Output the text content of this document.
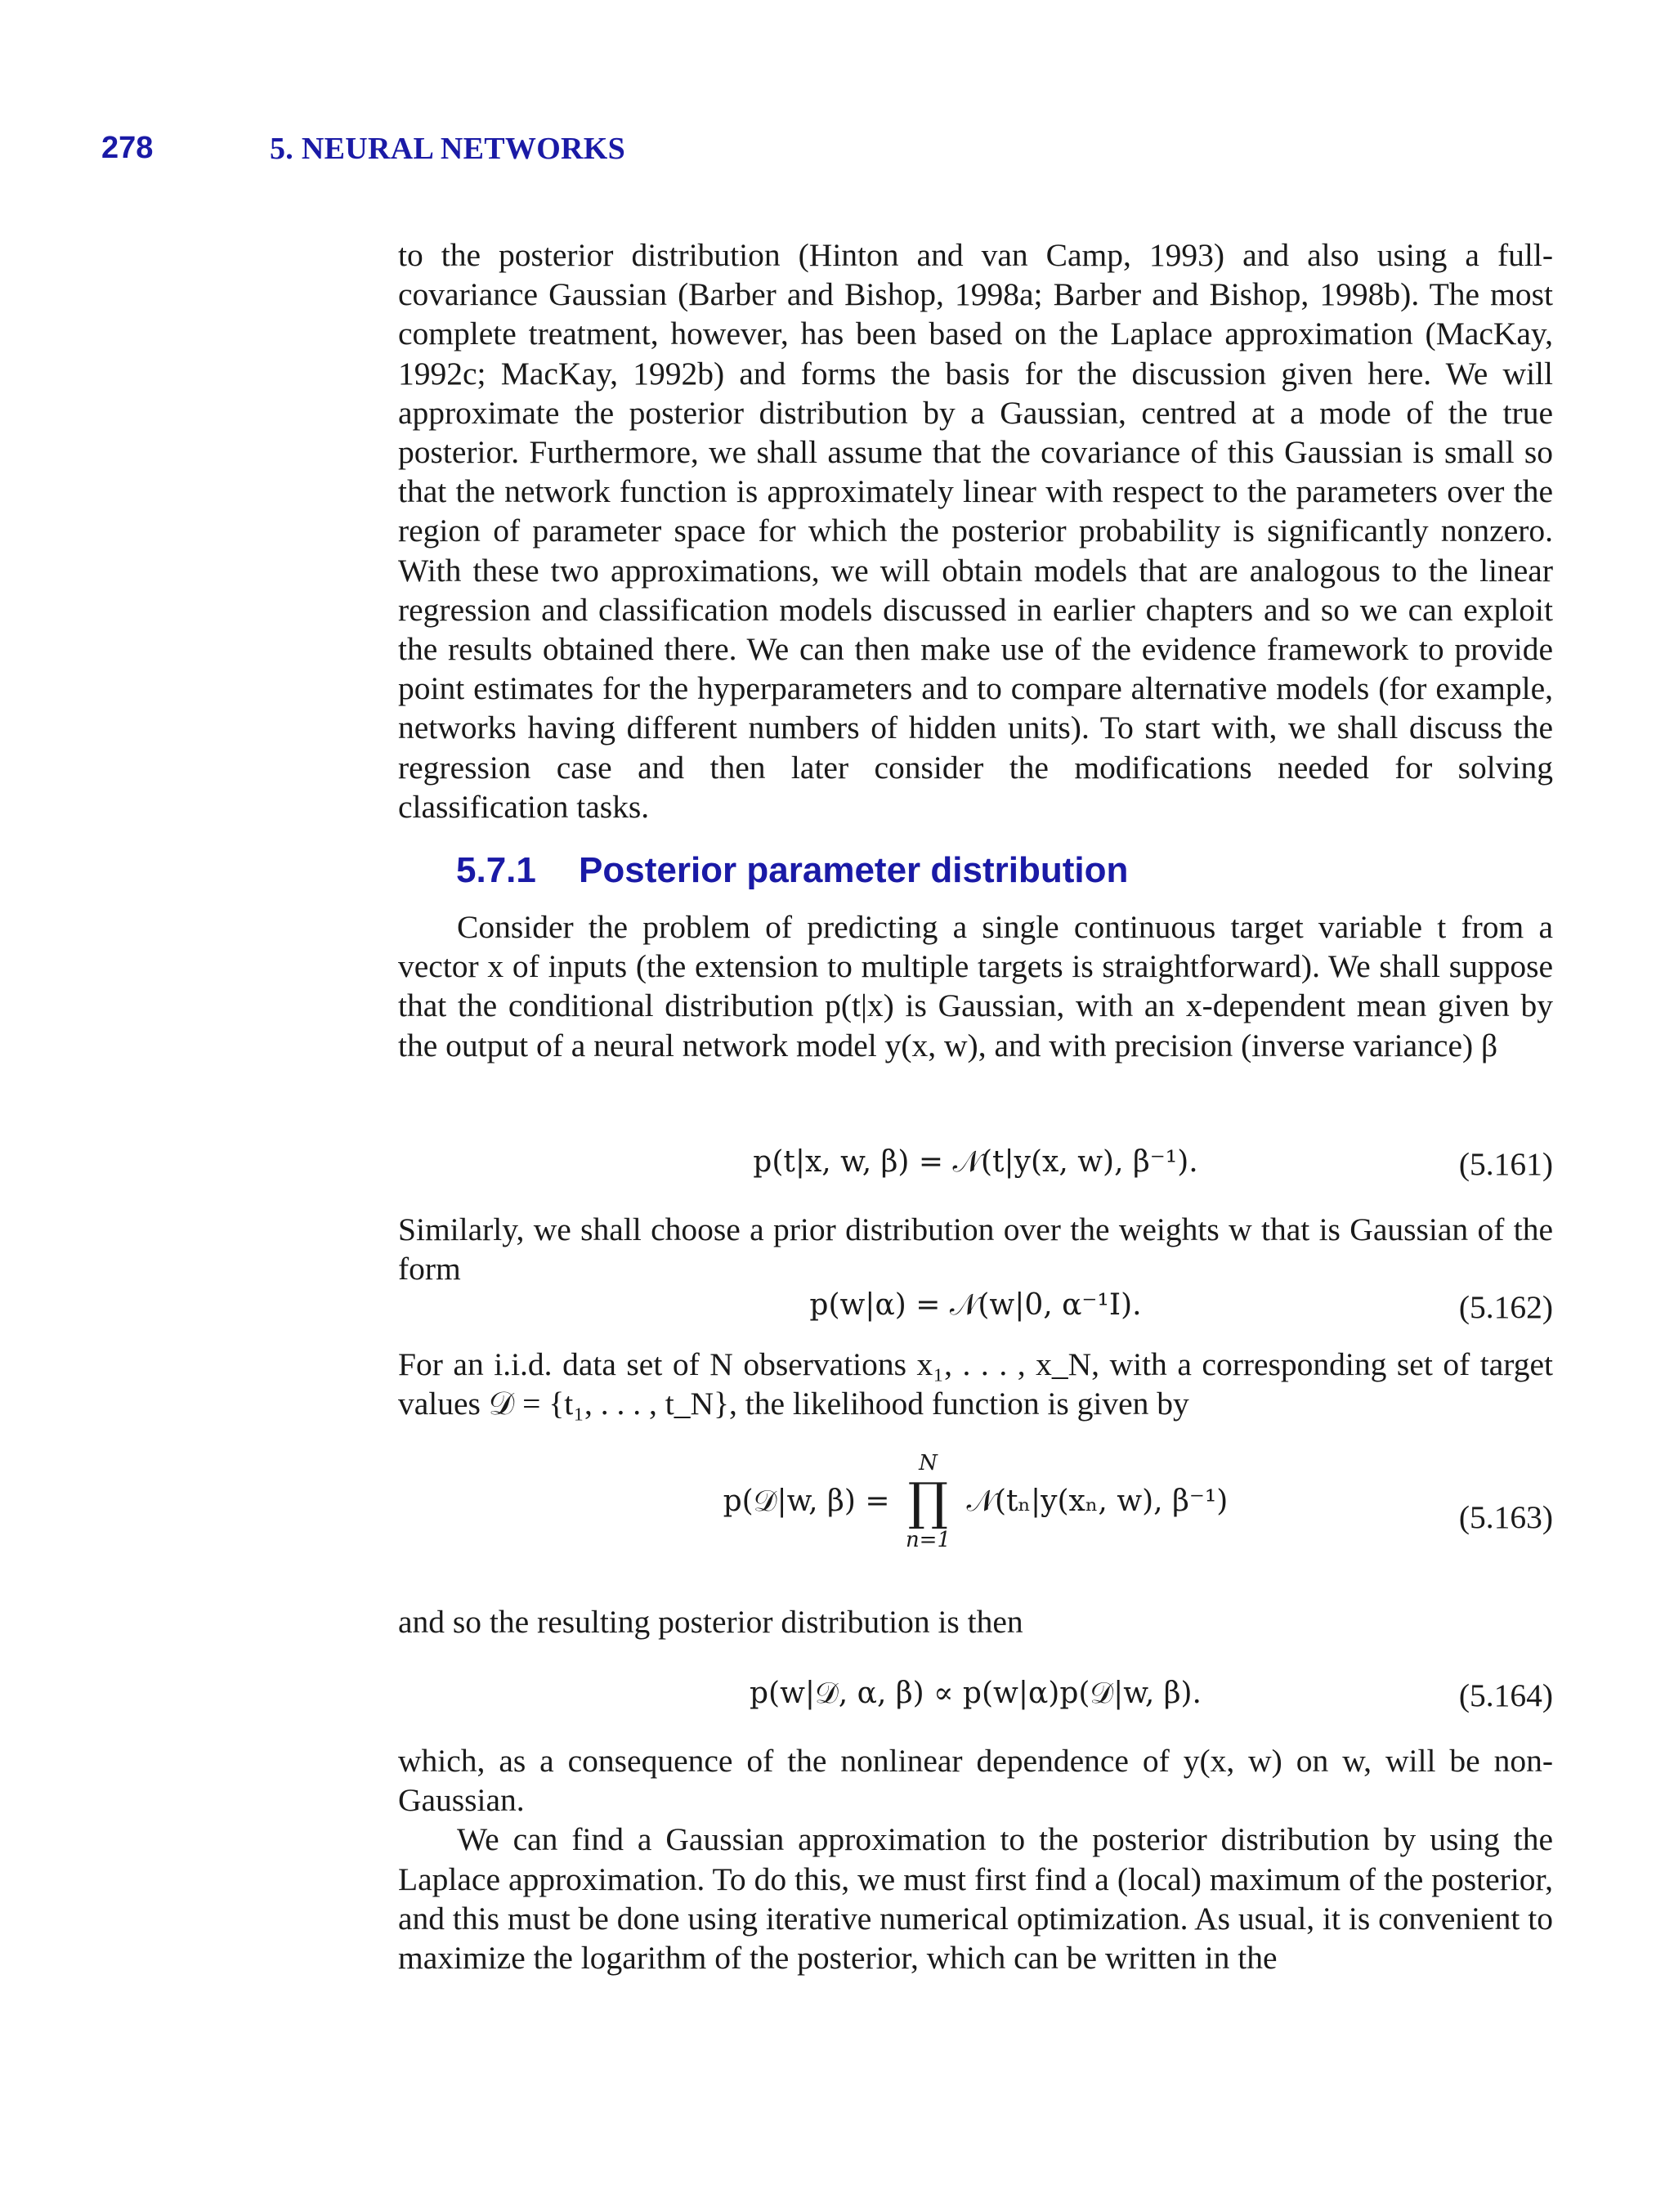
278	5. NEURAL NETWORKS

to the posterior distribution (Hinton and van Camp, 1993) and also using a full-covariance Gaussian (Barber and Bishop, 1998a; Barber and Bishop, 1998b). The most complete treatment, however, has been based on the Laplace approximation (MacKay, 1992c; MacKay, 1992b) and forms the basis for the discussion given here. We will approximate the posterior distribution by a Gaussian, centred at a mode of the true posterior. Furthermore, we shall assume that the covariance of this Gaussian is small so that the network function is approximately linear with respect to the parameters over the region of parameter space for which the posterior probability is significantly nonzero. With these two approximations, we will obtain models that are analogous to the linear regression and classification models discussed in earlier chapters and so we can exploit the results obtained there. We can then make use of the evidence framework to provide point estimates for the hyperparameters and to compare alternative models (for example, networks having different numbers of hidden units). To start with, we shall discuss the regression case and then later consider the modifications needed for solving classification tasks.

5.7.1 Posterior parameter distribution

Consider the problem of predicting a single continuous target variable t from a vector x of inputs (the extension to multiple targets is straightforward). We shall suppose that the conditional distribution p(t|x) is Gaussian, with an x-dependent mean given by the output of a neural network model y(x, w), and with precision (inverse variance) β

p(t|x, w, β) = 𝒩(t|y(x, w), β⁻¹).	(5.161)

Similarly, we shall choose a prior distribution over the weights w that is Gaussian of the form

p(w|α) = 𝒩(w|0, α⁻¹I).	(5.162)

For an i.i.d. data set of N observations x₁, . . . , x_N, with a corresponding set of target values 𝒟 = {t₁, . . . , t_N}, the likelihood function is given by

p(𝒟|w, β) =
N
∏
n=1
𝒩(tₙ|y(xₙ, w), β⁻¹)	(5.163)

and so the resulting posterior distribution is then

p(w|𝒟, α, β) ∝ p(w|α)p(𝒟|w, β).	(5.164)

which, as a consequence of the nonlinear dependence of y(x, w) on w, will be non-Gaussian.

We can find a Gaussian approximation to the posterior distribution by using the Laplace approximation. To do this, we must first find a (local) maximum of the posterior, and this must be done using iterative numerical optimization. As usual, it is convenient to maximize the logarithm of the posterior, which can be written in the
